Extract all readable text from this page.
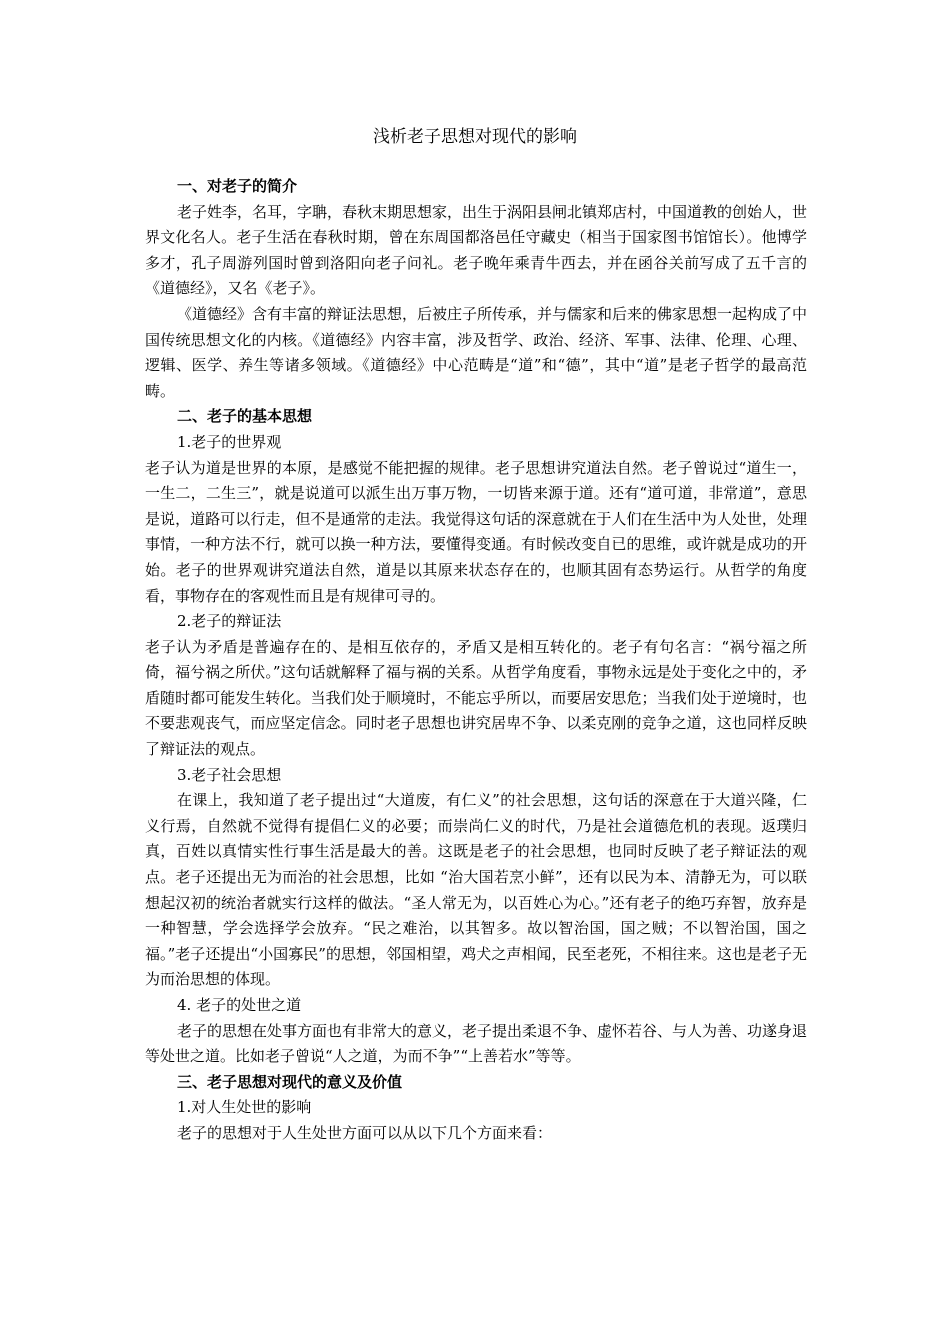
浅析老子思想对现代的影响

一、对老子的简介

老子姓李，名耳，字聃，春秋末期思想家，出生于涡阳县闸北镇郑店村，中国道教的创始人，世界文化名人。老子生活在春秋时期，曾在东周国都洛邑任守藏史（相当于国家图书馆馆长）。他博学多才，孔子周游列国时曾到洛阳向老子问礼。老子晚年乘青牛西去，并在函谷关前写成了五千言的《道德经》，又名《老子》。

《道德经》含有丰富的辩证法思想，后被庄子所传承，并与儒家和后来的佛家思想一起构成了中国传统思想文化的内核。《道德经》内容丰富，涉及哲学、政治、经济、军事、法律、伦理、心理、逻辑、医学、养生等诸多领域。《道德经》中心范畴是“道”和“德”，其中“道”是老子哲学的最高范畴。

二、老子的基本思想

1.老子的世界观

老子认为道是世界的本原，是感觉不能把握的规律。老子思想讲究道法自然。老子曾说过“道生一，一生二，二生三”，就是说道可以派生出万事万物，一切皆来源于道。还有“道可道，非常道”，意思是说，道路可以行走，但不是通常的走法。我觉得这句话的深意就在于人们在生活中为人处世，处理事情，一种方法不行，就可以换一种方法，要懂得变通。有时候改变自已的思维，或许就是成功的开始。老子的世界观讲究道法自然，道是以其原来状态存在的，也顺其固有态势运行。从哲学的角度看，事物存在的客观性而且是有规律可寻的。

2.老子的辩证法

老子认为矛盾是普遍存在的、是相互依存的，矛盾又是相互转化的。老子有句名言：“祸兮福之所倚，福兮祸之所伏。”这句话就解释了福与祸的关系。从哲学角度看，事物永远是处于变化之中的，矛盾随时都可能发生转化。当我们处于顺境时，不能忘乎所以，而要居安思危；当我们处于逆境时，也不要悲观丧气，而应坚定信念。同时老子思想也讲究居卑不争、以柔克刚的竞争之道，这也同样反映了辩证法的观点。

3.老子社会思想

在课上，我知道了老子提出过“大道废，有仁义”的社会思想，这句话的深意在于大道兴隆，仁义行焉，自然就不觉得有提倡仁义的必要；而崇尚仁义的时代，乃是社会道德危机的表现。返璞归真，百姓以真情实性行事生活是最大的善。这既是老子的社会思想，也同时反映了老子辩证法的观点。老子还提出无为而治的社会思想，比如 “治大国若烹小鲜”，还有以民为本、清静无为，可以联想起汉初的统治者就实行这样的做法。“圣人常无为，以百姓心为心。”还有老子的绝巧弃智，放弃是一种智慧，学会选择学会放弃。“民之难治，以其智多。故以智治国，国之贼；不以智治国，国之福。”老子还提出“小国寡民”的思想，邻国相望，鸡犬之声相闻，民至老死，不相往来。这也是老子无为而治思想的体现。

4. 老子的处世之道

老子的思想在处事方面也有非常大的意义，老子提出柔退不争、虚怀若谷、与人为善、功遂身退等处世之道。比如老子曾说“人之道，为而不争”“上善若水”等等。

三、老子思想对现代的意义及价值

1.对人生处世的影响

老子的思想对于人生处世方面可以从以下几个方面来看：
